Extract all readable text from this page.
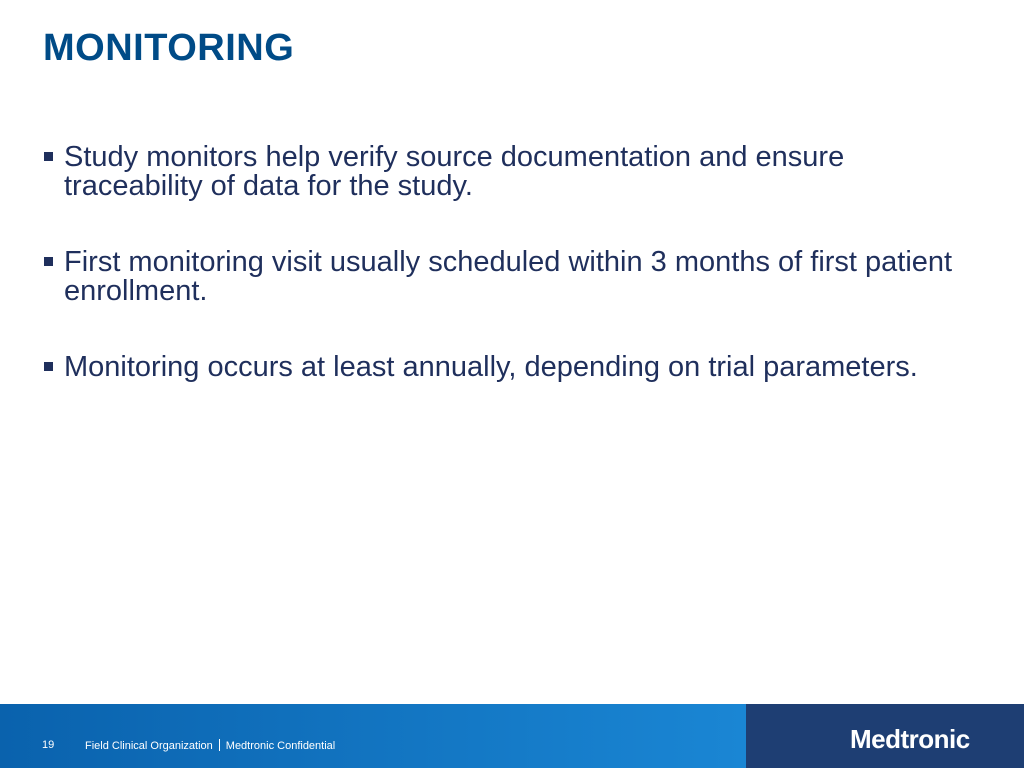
MONITORING
Study monitors help verify source documentation and ensure traceability of data for the study.
First monitoring visit usually scheduled within 3 months of first patient enrollment.
Monitoring occurs at least annually, depending on trial parameters.
19	Field Clinical Organization Medtronic Confidential	Medtronic
